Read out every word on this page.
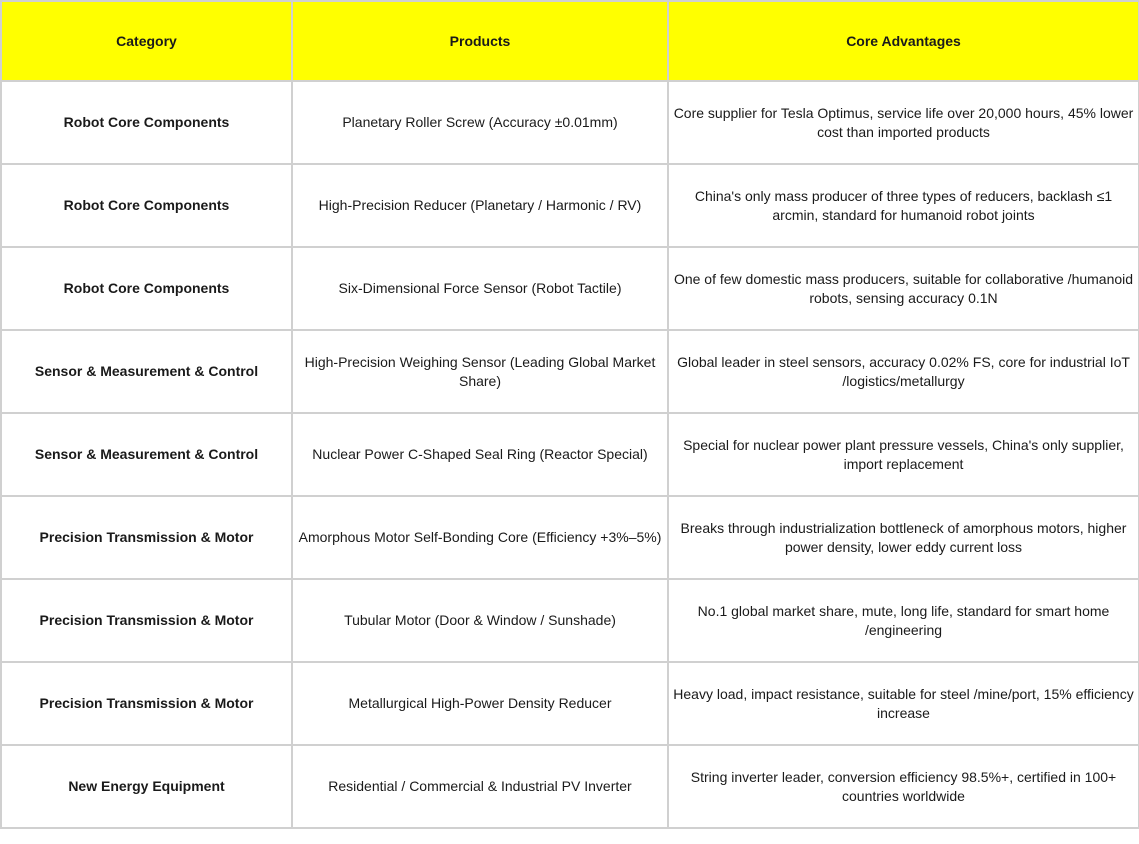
Category	Products	Core Advantages
Robot Core Components	Planetary Roller Screw (Accuracy ±0.01mm)	Core supplier for Tesla Optimus, service life over 20,000 hours, 45% lower cost than imported products
Robot Core Components	High-Precision Reducer (Planetary / Harmonic / RV)	China's only mass producer of three types of reducers, backlash ≤1 arcmin, standard for humanoid robot joints
Robot Core Components	Six-Dimensional Force Sensor (Robot Tactile)	One of few domestic mass producers, suitable for collaborative /humanoid robots, sensing accuracy 0.1N
Sensor & Measurement & Control	High-Precision Weighing Sensor (Leading Global Market Share)	Global leader in steel sensors, accuracy 0.02% FS, core for industrial IoT /logistics/metallurgy
Sensor & Measurement & Control	Nuclear Power C-Shaped Seal Ring (Reactor Special)	Special for nuclear power plant pressure vessels, China's only supplier, import replacement
Precision Transmission & Motor	Amorphous Motor Self-Bonding Core (Efficiency +3%–5%)	Breaks through industrialization bottleneck of amorphous motors, higher power density, lower eddy current loss
Precision Transmission & Motor	Tubular Motor (Door & Window / Sunshade)	No.1 global market share, mute, long life, standard for smart home /engineering
Precision Transmission & Motor	Metallurgical High-Power Density Reducer	Heavy load, impact resistance, suitable for steel /mine/port, 15% efficiency increase
New Energy Equipment	Residential / Commercial & Industrial PV Inverter	String inverter leader, conversion efficiency 98.5%+, certified in 100+ countries worldwide
